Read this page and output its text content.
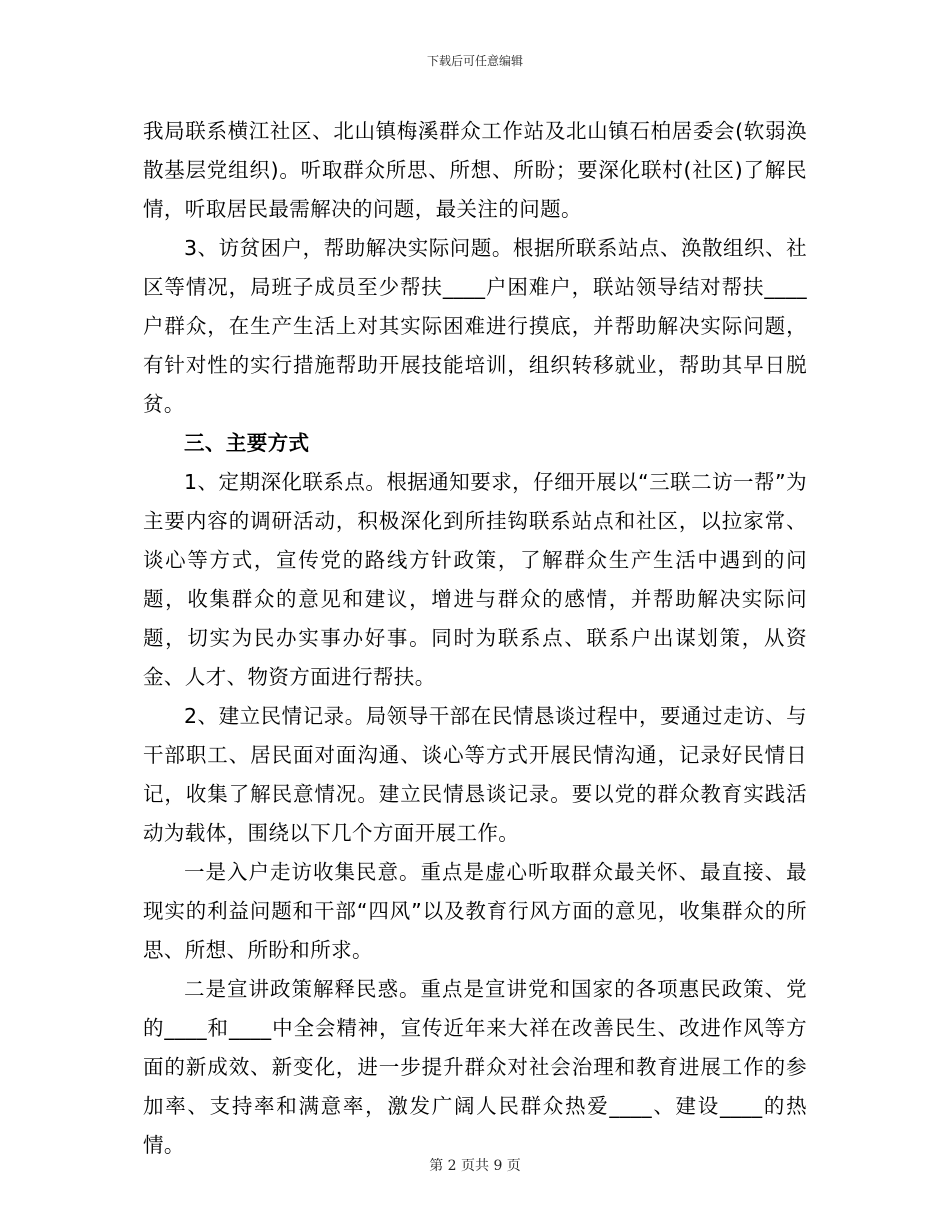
下载后可任意编辑

我局联系横江社区、北山镇梅溪群众工作站及北山镇石柏居委会(软弱涣散基层党组织)。听取群众所思、所想、所盼；要深化联村(社区)了解民情，听取居民最需解决的问题，最关注的问题。

3、访贫困户，帮助解决实际问题。根据所联系站点、涣散组织、社区等情况，局班子成员至少帮扶____户困难户，联站领导结对帮扶____户群众，在生产生活上对其实际困难进行摸底，并帮助解决实际问题，有针对性的实行措施帮助开展技能培训，组织转移就业，帮助其早日脱贫。

三、主要方式

1、定期深化联系点。根据通知要求，仔细开展以“三联二访一帮”为主要内容的调研活动，积极深化到所挂钩联系站点和社区，以拉家常、谈心等方式，宣传党的路线方针政策，了解群众生产生活中遇到的问题，收集群众的意见和建议，增进与群众的感情，并帮助解决实际问题，切实为民办实事办好事。同时为联系点、联系户出谋划策，从资金、人才、物资方面进行帮扶。

2、建立民情记录。局领导干部在民情恳谈过程中，要通过走访、与干部职工、居民面对面沟通、谈心等方式开展民情沟通，记录好民情日记，收集了解民意情况。建立民情恳谈记录。要以党的群众教育实践活动为载体，围绕以下几个方面开展工作。

一是入户走访收集民意。重点是虚心听取群众最关怀、最直接、最现实的利益问题和干部“四风”以及教育行风方面的意见，收集群众的所思、所想、所盼和所求。

二是宣讲政策解释民惑。重点是宣讲党和国家的各项惠民政策、党的____和____中全会精神，宣传近年来大祥在改善民生、改进作风等方面的新成效、新变化，进一步提升群众对社会治理和教育进展工作的参加率、支持率和满意率，激发广阔人民群众热爱____、建设____的热情。

第 2 页共 9 页
